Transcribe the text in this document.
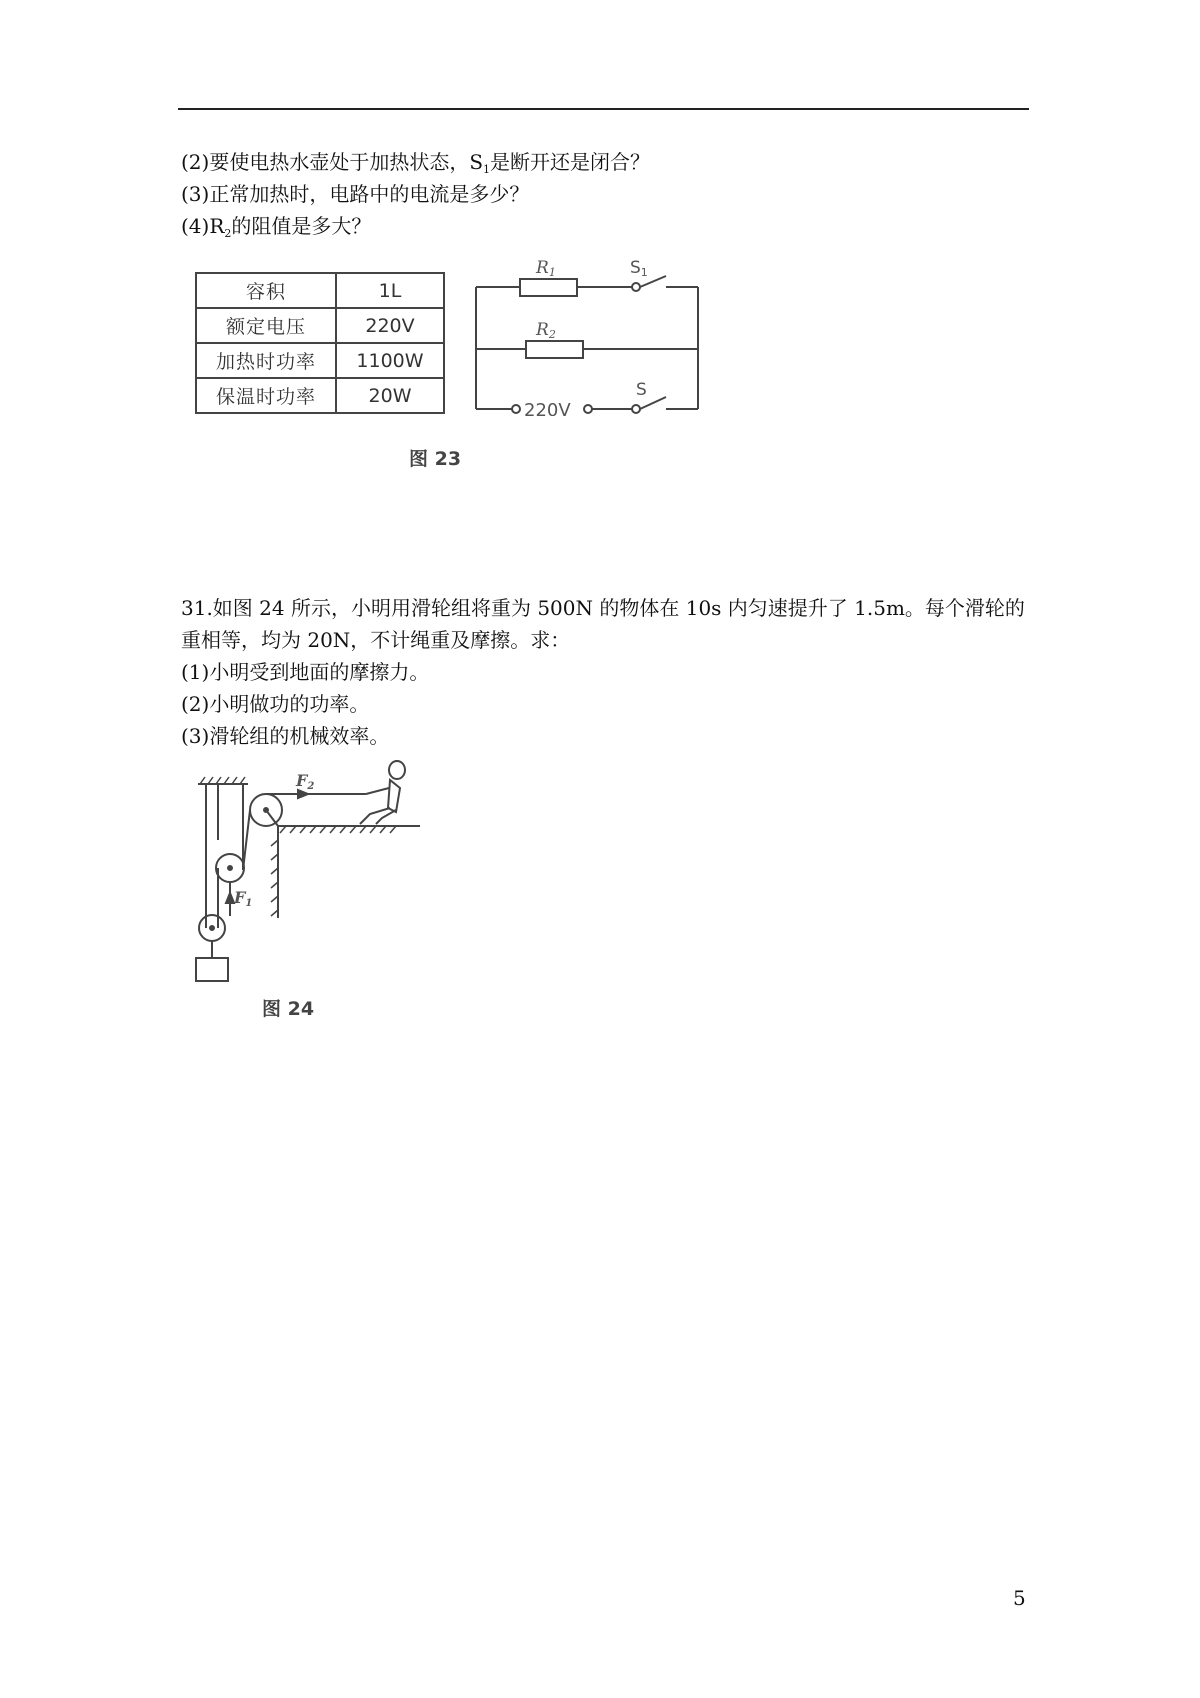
(2)要使电热水壶处于加热状态，$S_1$是断开还是闭合？
(3)正常加热时，电路中的电流是多少？
$(4)R_2$的阻值是多大？
容积	1L
额定电压	220V
加热时功率	1100W
保温时功率	20W
R1
R2
S1
S
220V
图 23
31.如图 24 所示，小明用滑轮组将重为 500N 的物体在 10s 内匀速提升了 1.5m。每个滑轮的
重相等，均为 20N，不计绳重及摩擦。求：
(1)小明受到地面的摩擦力。
(2)小明做功的功率。
(3)滑轮组的机械效率。
F2
F1
图 24
5
